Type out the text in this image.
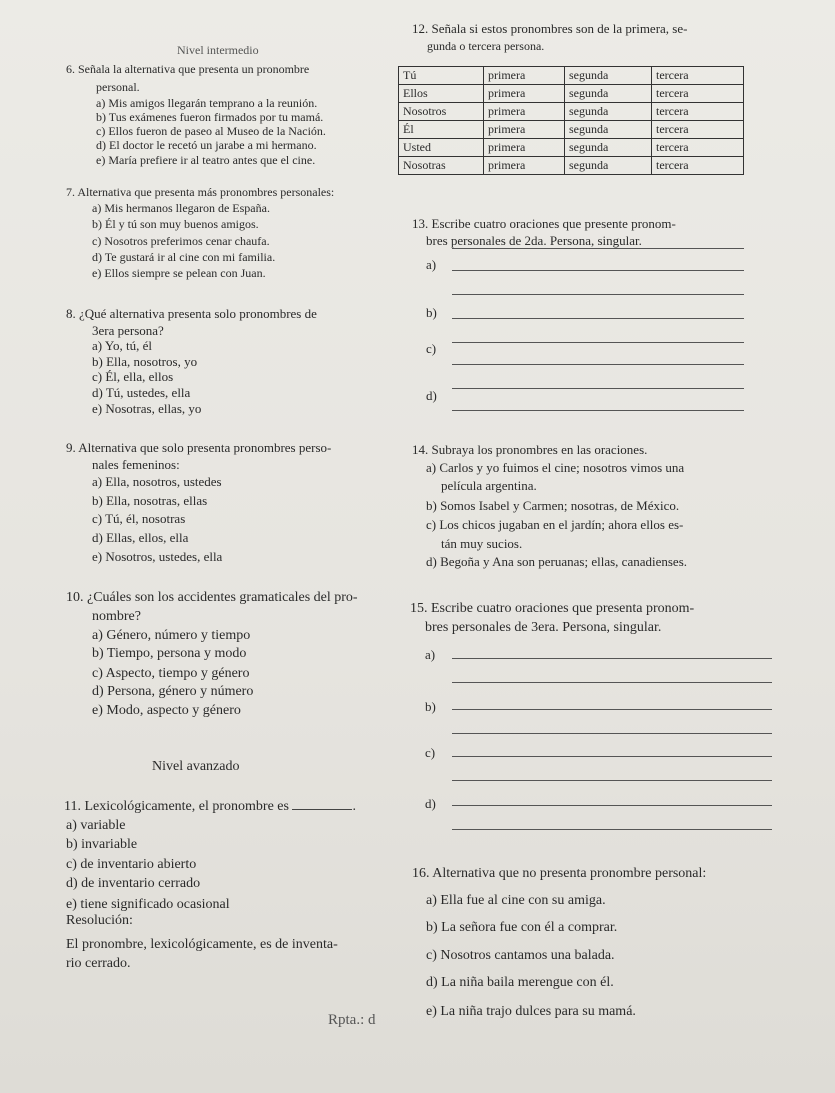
Nivel intermedio
6. Señala la alternativa que presenta un pronombre
personal.
a) Mis amigos llegarán temprano a la reunión.
b) Tus exámenes fueron firmados por tu mamá.
c) Ellos fueron de paseo al Museo de la Nación.
d) El doctor le recetó un jarabe a mi hermano.
e) María prefiere ir al teatro antes que el cine.
7. Alternativa que presenta más pronombres personales:
a) Mis hermanos llegaron de España.
b) Él y tú son muy buenos amigos.
c) Nosotros preferimos cenar chaufa.
d) Te gustará ir al cine con mi familia.
e) Ellos siempre se pelean con Juan.
8. ¿Qué alternativa presenta solo pronombres de
3era persona?
a) Yo, tú, él
b) Ella, nosotros, yo
c) Él, ella, ellos
d) Tú, ustedes, ella
e) Nosotras, ellas, yo
9. Alternativa que solo presenta pronombres perso-
nales femeninos:
a) Ella, nosotros, ustedes
b) Ella, nosotras, ellas
c) Tú, él, nosotras
d) Ellas, ellos, ella
e) Nosotros, ustedes, ella
10. ¿Cuáles son los accidentes gramaticales del pro-
nombre?
a) Género, número y tiempo
b) Tiempo, persona y modo
c) Aspecto, tiempo y género
d) Persona, género y número
e) Modo, aspecto y género
Nivel avanzado
11. Lexicológicamente, el pronombre es	.
a) variable
b) invariable
c) de inventario abierto
d) de inventario cerrado
e) tiene significado ocasional
Resolución:
El pronombre, lexicológicamente, es de inventa-
rio cerrado.
Rpta.: d
12. Señala si estos pronombres son de la primera, se-
gunda o tercera persona.
Tú	primera	segunda	tercera
Ellos	primera	segunda	tercera
Nosotros	primera	segunda	tercera
Él	primera	segunda	tercera
Usted	primera	segunda	tercera
Nosotras	primera	segunda	tercera
13. Escribe cuatro oraciones que presente pronom-
bres personales de 2da. Persona, singular.
a)
b)
c)
d)
14. Subraya los pronombres en las oraciones.
a) Carlos y yo fuimos el cine; nosotros vimos una
película argentina.
b) Somos Isabel y Carmen; nosotras, de México.
c) Los chicos jugaban en el jardín; ahora ellos es-
tán muy sucios.
d) Begoña y Ana son peruanas; ellas, canadienses.
15. Escribe cuatro oraciones que presenta pronom-
bres personales de 3era. Persona, singular.
a)
b)
c)
d)
16. Alternativa que no presenta pronombre personal:
a) Ella fue al cine con su amiga.
b) La señora fue con él a comprar.
c) Nosotros cantamos una balada.
d) La niña baila merengue con él.
e) La niña trajo dulces para su mamá.
